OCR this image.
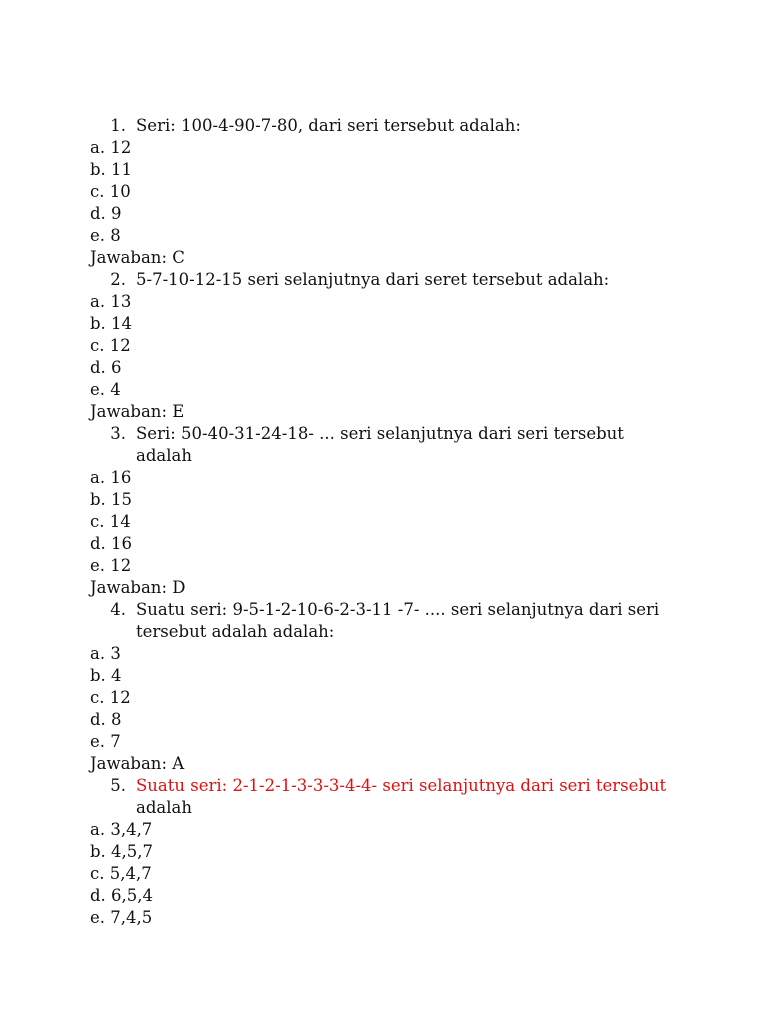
1. Seri: 100-4-90-7-80, dari seri tersebut adalah:
a. 12
b. 11
c. 10
d. 9
e. 8
Jawaban: C
2. 5-7-10-12-15 seri selanjutnya dari seret tersebut adalah:
a. 13
b. 14
c. 12
d. 6
e. 4
Jawaban: E
3. Seri: 50-40-31-24-18- ... seri selanjutnya dari seri tersebut
adalah
a. 16
b. 15
c. 14
d. 16
e. 12
Jawaban: D
4. Suatu seri: 9-5-1-2-10-6-2-3-11 -7- .... seri selanjutnya dari seri
tersebut adalah adalah:
a. 3
b. 4
c. 12
d. 8
e. 7
Jawaban: A
5. Suatu seri: 2-1-2-1-3-3-3-4-4- seri selanjutnya dari seri tersebut
adalah
a. 3,4,7
b. 4,5,7
c. 5,4,7
d. 6,5,4
e. 7,4,5
